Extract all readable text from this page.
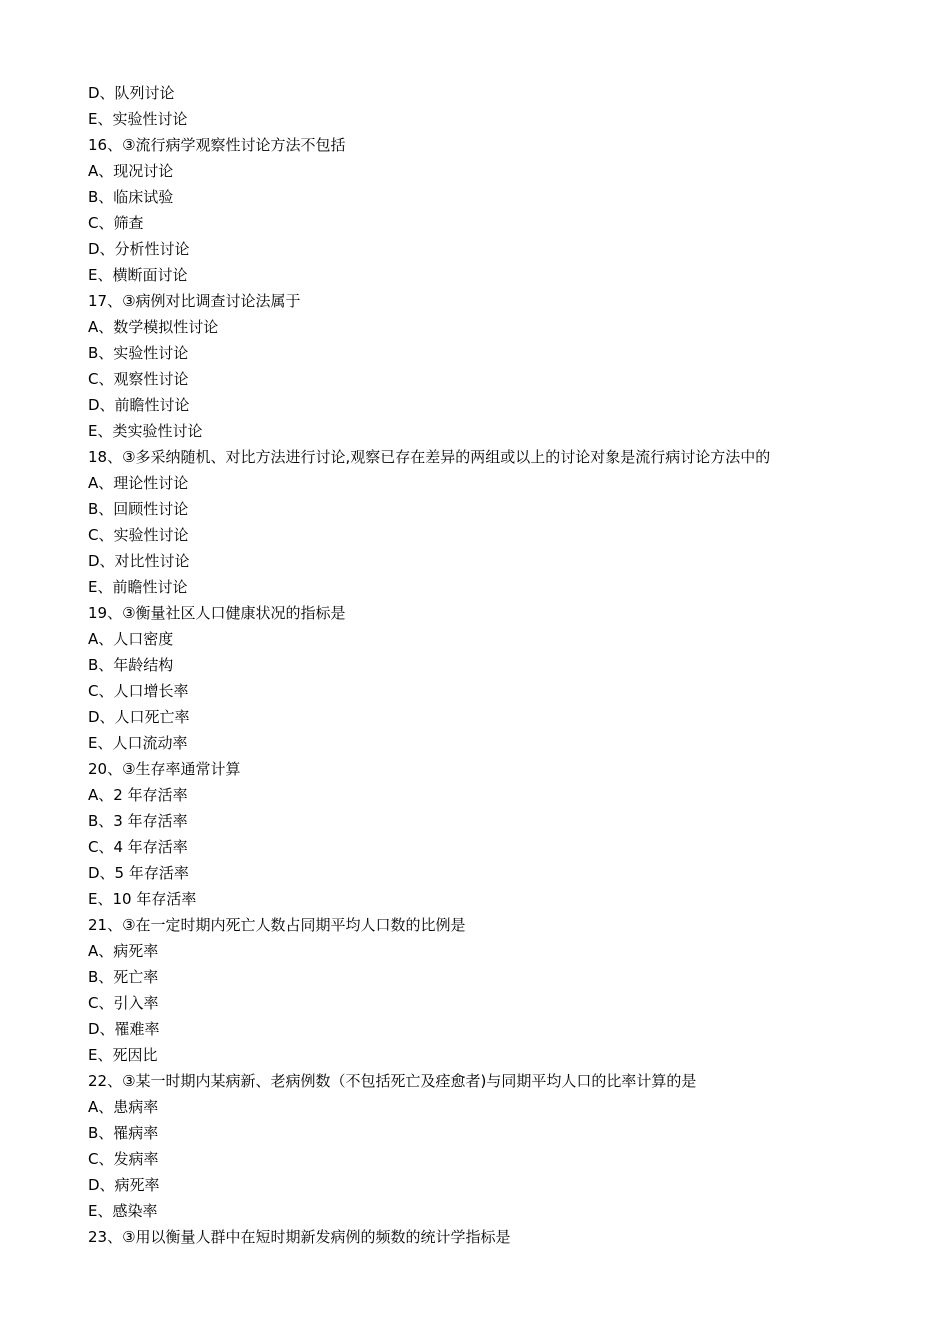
D、队列讨论
E、实验性讨论
16、③流行病学观察性讨论方法不包括
A、现况讨论
B、临床试验
C、筛查
D、分析性讨论
E、横断面讨论
17、③病例对比调查讨论法属于
A、数学模拟性讨论
B、实验性讨论
C、观察性讨论
D、前瞻性讨论
E、类实验性讨论
18、③多采纳随机、对比方法进行讨论,观察已存在差异的两组或以上的讨论对象是流行病讨论方法中的
A、理论性讨论
B、回顾性讨论
C、实验性讨论
D、对比性讨论
E、前瞻性讨论
19、③衡量社区人口健康状况的指标是
A、人口密度
B、年龄结构
C、人口增长率
D、人口死亡率
E、人口流动率
20、③生存率通常计算
A、2 年存活率
B、3 年存活率
C、4 年存活率
D、5 年存活率
E、10 年存活率
21、③在一定时期内死亡人数占同期平均人口数的比例是
A、病死率
B、死亡率
C、引入率
D、罹难率
E、死因比
22、③某一时期内某病新、老病例数（不包括死亡及痊愈者)与同期平均人口的比率计算的是
A、患病率
B、罹病率
C、发病率
D、病死率
E、感染率
23、③用以衡量人群中在短时期新发病例的频数的统计学指标是
